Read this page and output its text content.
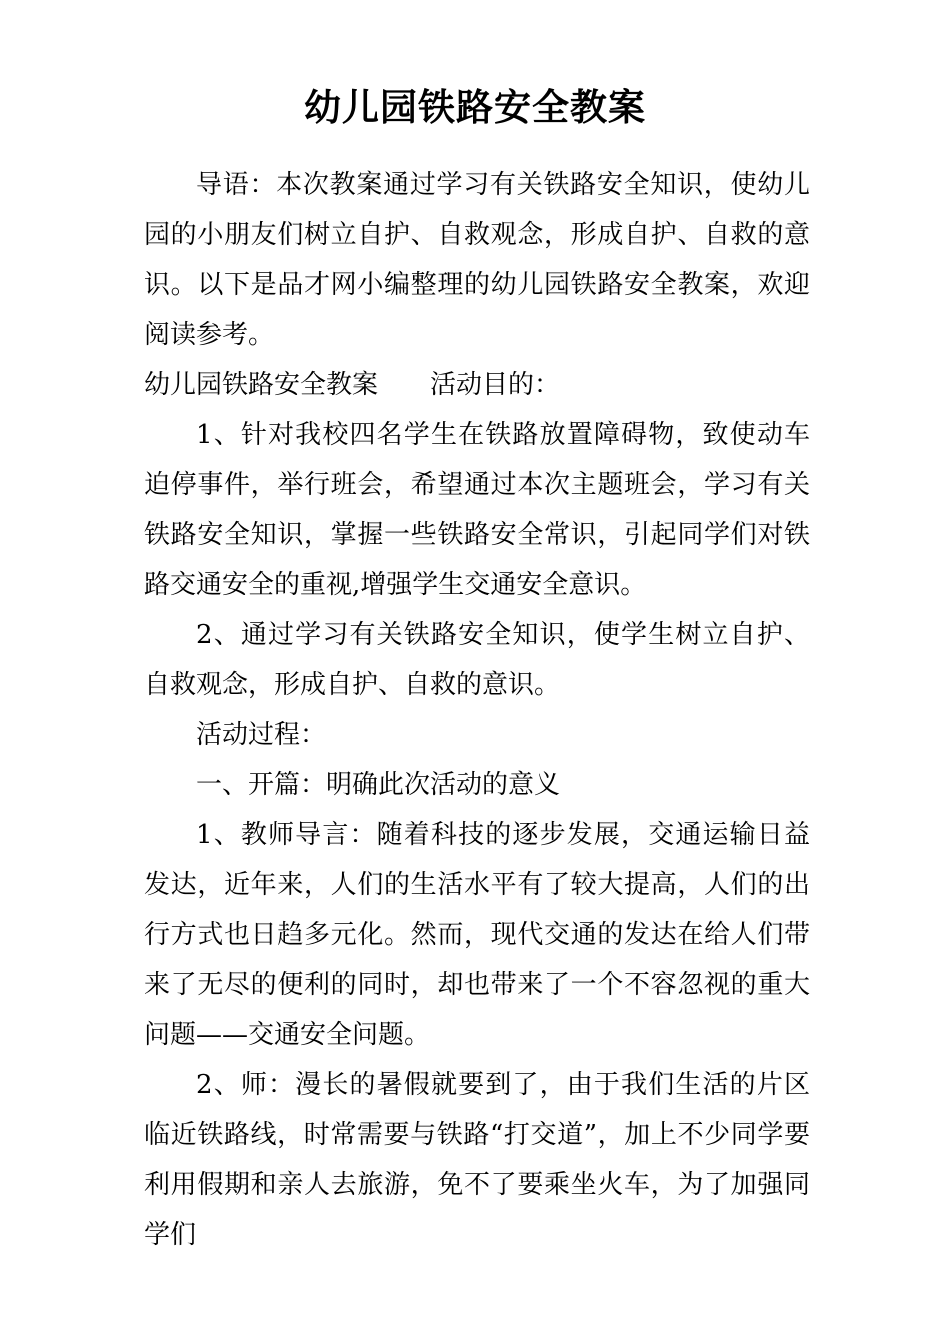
幼儿园铁路安全教案

导语：本次教案通过学习有关铁路安全知识，使幼儿园的小朋友们树立自护、自救观念，形成自护、自救的意识。以下是品才网小编整理的幼儿园铁路安全教案，欢迎阅读参考。

幼儿园铁路安全教案 活动目的：

1、针对我校四名学生在铁路放置障碍物，致使动车迫停事件，举行班会，希望通过本次主题班会，学习有关铁路安全知识，掌握一些铁路安全常识，引起同学们对铁路交通安全的重视,增强学生交通安全意识。

2、通过学习有关铁路安全知识，使学生树立自护、自救观念，形成自护、自救的意识。

活动过程：

一、开篇：明确此次活动的意义

1、教师导言：随着科技的逐步发展，交通运输日益发达，近年来，人们的生活水平有了较大提高，人们的出行方式也日趋多元化。然而，现代交通的发达在给人们带来了无尽的便利的同时，却也带来了一个不容忽视的重大问题——交通安全问题。

2、师：漫长的暑假就要到了，由于我们生活的片区临近铁路线，时常需要与铁路“打交道”，加上不少同学要利用假期和亲人去旅游，免不了要乘坐火车，为了加强同学们
